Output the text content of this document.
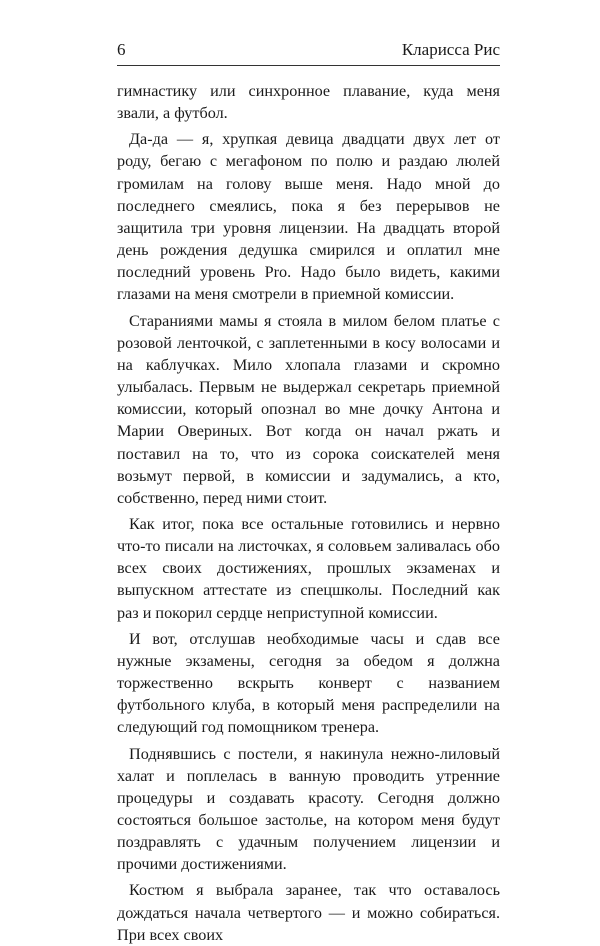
6	Кларисса Рис

гимнастику или синхронное плавание, куда меня звали, а футбол.

Да-да — я, хрупкая девица двадцати двух лет от роду, бегаю с мегафоном по полю и раздаю люлей громилам на голову выше меня. Надо мной до последнего смеялись, пока я без перерывов не защитила три уровня лицензии. На двадцать второй день рождения дедушка смирился и оплатил мне последний уровень Pro. Надо было видеть, какими глазами на меня смотрели в приемной комиссии.

Стараниями мамы я стояла в милом белом платье с розовой ленточкой, с заплетенными в косу волосами и на каблучках. Мило хлопала глазами и скромно улыбалась. Первым не выдержал секретарь приемной комиссии, который опознал во мне дочку Антона и Марии Овериных. Вот когда он начал ржать и поставил на то, что из сорока соискателей меня возьмут первой, в комиссии и задумались, а кто, собственно, перед ними стоит.

Как итог, пока все остальные готовились и нервно что-то писали на листочках, я соловьем заливалась обо всех своих достижениях, прошлых экзаменах и выпускном аттестате из спецшколы. Последний как раз и покорил сердце неприступной комиссии.

И вот, отслушав необходимые часы и сдав все нужные экзамены, сегодня за обедом я должна торжественно вскрыть конверт с названием футбольного клуба, в который меня распределили на следующий год помощником тренера.

Поднявшись с постели, я накинула нежно-лиловый халат и поплелась в ванную проводить утренние процедуры и создавать красоту. Сегодня должно состояться большое застолье, на котором меня будут поздравлять с удачным получением лицензии и прочими достижениями.

Костюм я выбрала заранее, так что оставалось дождаться начала четвертого — и можно собираться. При всех своих
